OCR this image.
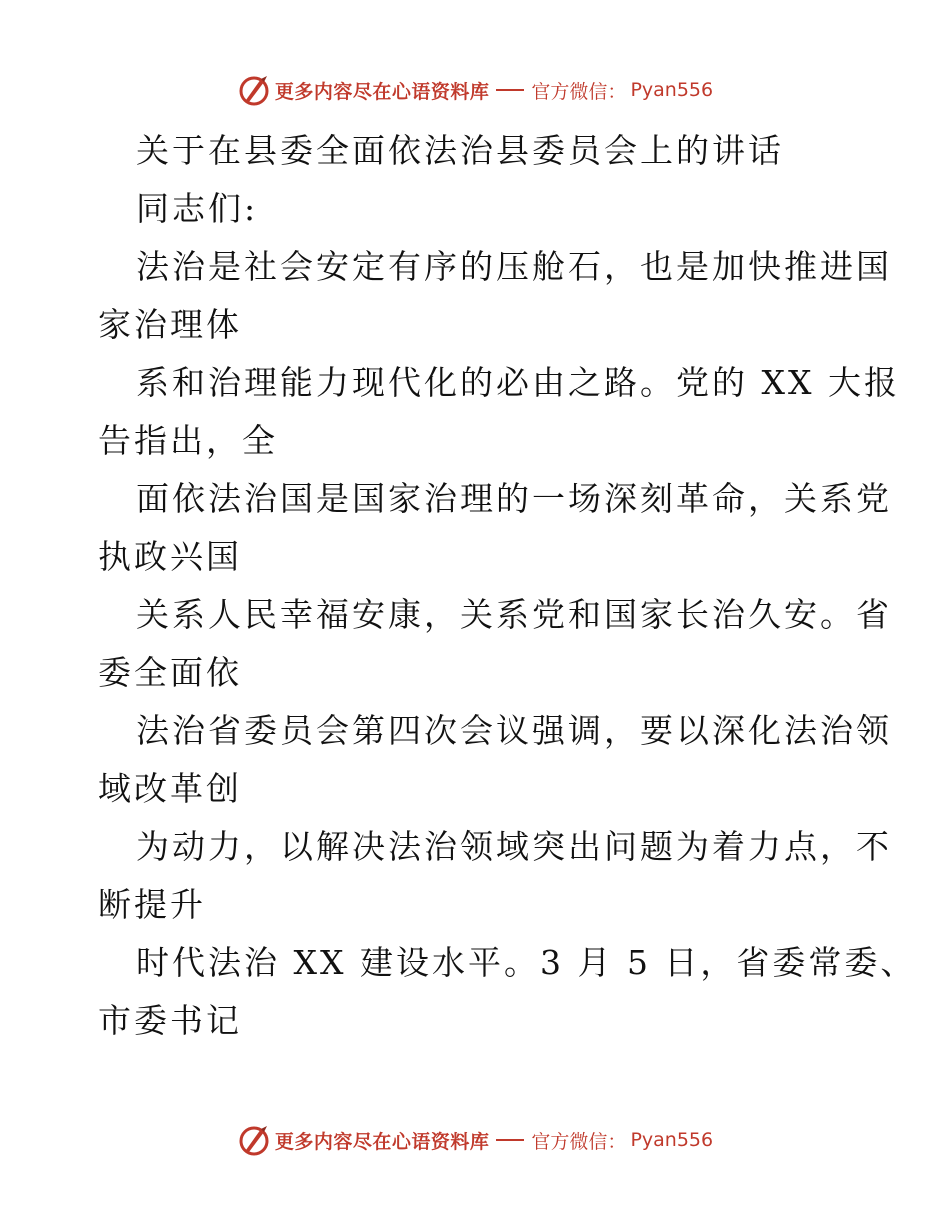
更多内容尽在心语资料库 官方微信： Pyan556
关于在县委全面依法治县委员会上的讲话
同志们:
法治是社会安定有序的压舱石，也是加快推进国
家治理体
系和治理能力现代化的必由之路。党的 XX 大报
告指出，全
面依法治国是国家治理的一场深刻革命，关系党
执政兴国
关系人民幸福安康，关系党和国家长治久安。省
委全面依
法治省委员会第四次会议强调，要以深化法治领
域改革创
为动力，以解决法治领域突出问题为着力点，不
断提升
时代法治 XX 建设水平。3 月 5 日，省委常委、
市委书记
更多内容尽在心语资料库 官方微信： Pyan556
